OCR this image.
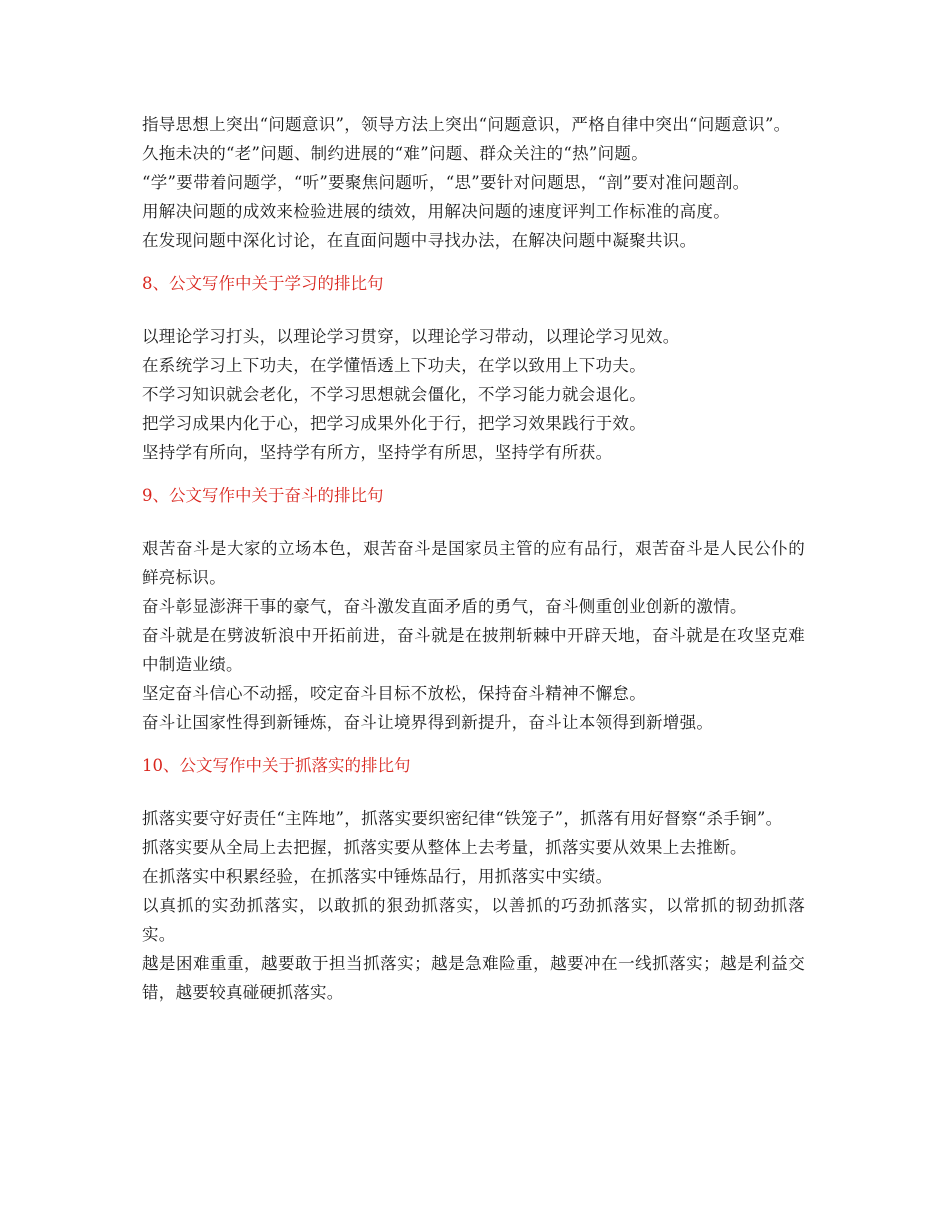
指导思想上突出“问题意识”，领导方法上突出“问题意识，严格自律中突出“问题意识”。

久拖未决的“老”问题、制约进展的“难”问题、群众关注的“热”问题。

“学”要带着问题学，“听”要聚焦问题听，“思”要针对问题思，“剖”要对准问题剖。

用解决问题的成效来检验进展的绩效，用解决问题的速度评判工作标准的高度。

在发现问题中深化讨论，在直面问题中寻找办法，在解决问题中凝聚共识。

8、公文写作中关于学习的排比句

以理论学习打头，以理论学习贯穿，以理论学习带动，以理论学习见效。

在系统学习上下功夫，在学懂悟透上下功夫，在学以致用上下功夫。

不学习知识就会老化，不学习思想就会僵化，不学习能力就会退化。

把学习成果内化于心，把学习成果外化于行，把学习效果践行于效。

坚持学有所向，坚持学有所方，坚持学有所思，坚持学有所获。

9、公文写作中关于奋斗的排比句

艰苦奋斗是大家的立场本色，艰苦奋斗是国家员主管的应有品行，艰苦奋斗是人民公仆的鲜亮标识。

奋斗彰显澎湃干事的豪气，奋斗激发直面矛盾的勇气，奋斗侧重创业创新的激情。

奋斗就是在劈波斩浪中开拓前进，奋斗就是在披荆斩棘中开辟天地，奋斗就是在攻坚克难中制造业绩。

坚定奋斗信心不动摇，咬定奋斗目标不放松，保持奋斗精神不懈怠。

奋斗让国家性得到新锤炼，奋斗让境界得到新提升，奋斗让本领得到新增强。

10、公文写作中关于抓落实的排比句

抓落实要守好责任“主阵地”，抓落实要织密纪律“铁笼子”，抓落有用好督察“杀手锏”。

抓落实要从全局上去把握，抓落实要从整体上去考量，抓落实要从效果上去推断。

在抓落实中积累经验，在抓落实中锤炼品行，用抓落实中实绩。

以真抓的实劲抓落实，以敢抓的狠劲抓落实，以善抓的巧劲抓落实，以常抓的韧劲抓落实。

越是困难重重，越要敢于担当抓落实；越是急难险重，越要冲在一线抓落实；越是利益交错，越要较真碰硬抓落实。
